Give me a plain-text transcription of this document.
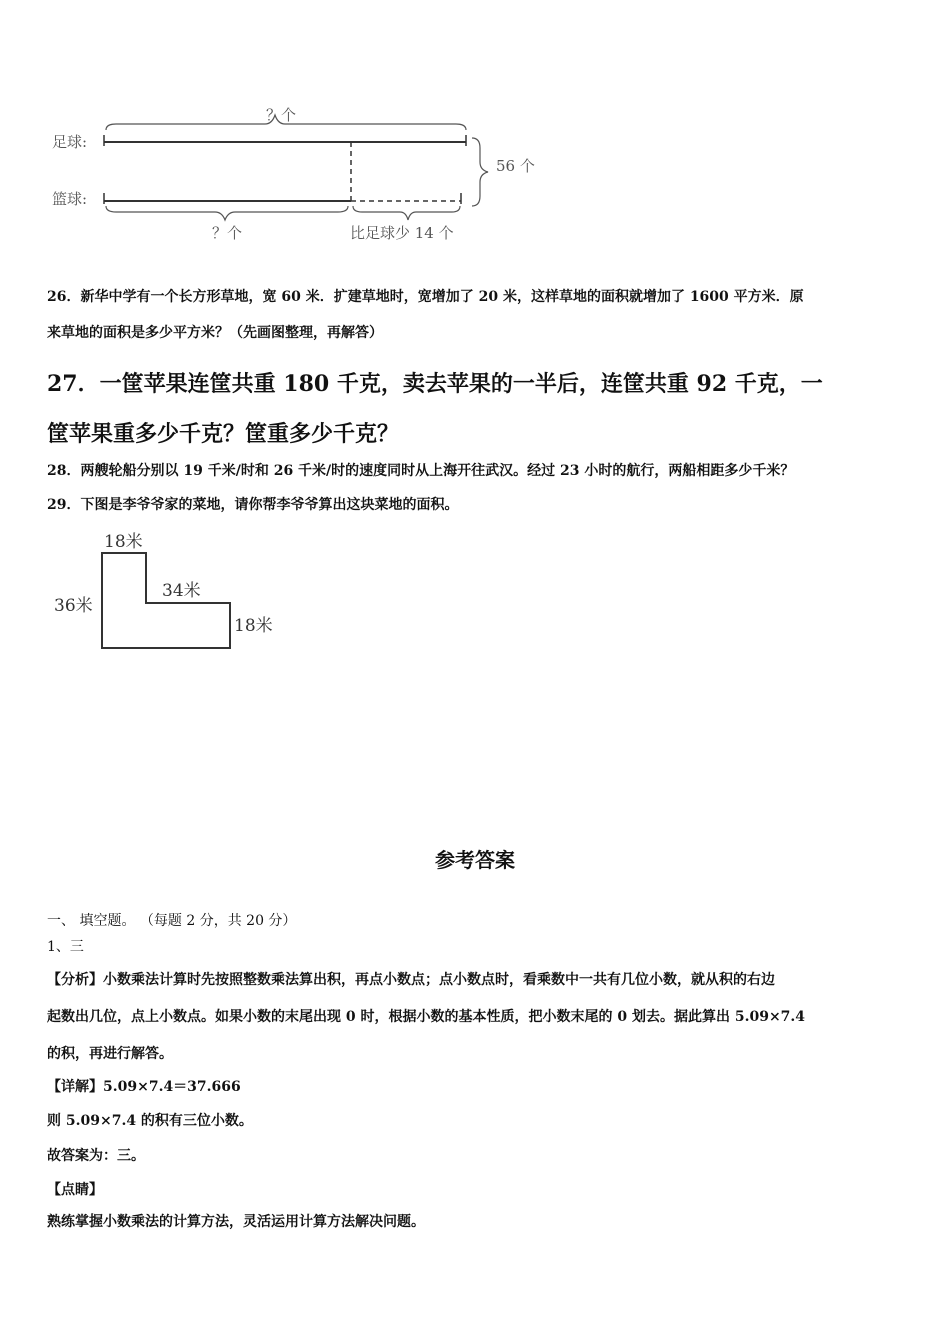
？个
足球:
篮球:
56 个
？个	比足球少 14 个
26．新华中学有一个长方形草地，宽 60 米．扩建草地时，宽增加了 20 米，这样草地的面积就增加了 1600 平方米．原
来草地的面积是多少平方米？（先画图整理，再解答）
27．一筐苹果连筐共重 180 千克，卖去苹果的一半后，连筐共重 92 千克，一
筐苹果重多少千克？筐重多少千克？
28．两艘轮船分别以 19 千米/时和 26 千米/时的速度同时从上海开往武汉。经过 23 小时的航行，两船相距多少千米？
29．下图是李爷爷家的菜地，请你帮李爷爷算出这块菜地的面积。
18米
36米
34米
18米
参考答案
一、 填空题。 （每题 2 分，共 20 分）
1、三
【分析】小数乘法计算时先按照整数乘法算出积，再点小数点；点小数点时，看乘数中一共有几位小数，就从积的右边
起数出几位，点上小数点。如果小数的末尾出现 0 时，根据小数的基本性质，把小数末尾的 0 划去。据此算出 5.09×7.4
的积，再进行解答。
【详解】5.09×7.4＝37.666
则 5.09×7.4 的积有三位小数。
故答案为：三。
【点睛】
熟练掌握小数乘法的计算方法，灵活运用计算方法解决问题。
